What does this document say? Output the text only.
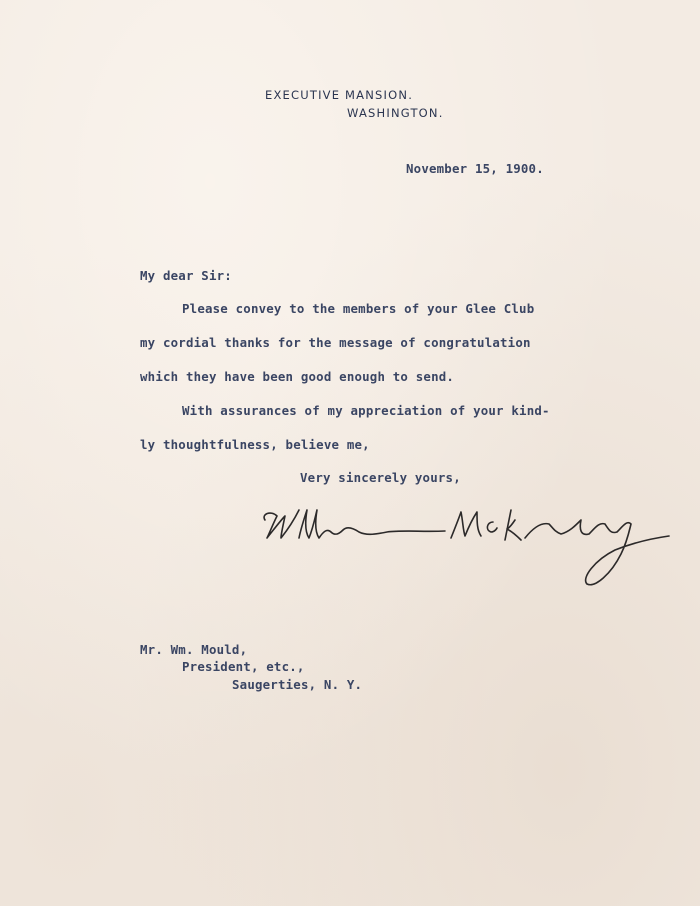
EXECUTIVE MANSION.
WASHINGTON.
November 15, 1900.
My dear Sir:
Please convey to the members of your Glee Club
my cordial thanks for the message of congratulation
which they have been good enough to send.
With assurances of my appreciation of your kind-
ly thoughtfulness, believe me,
Very sincerely yours,
Mr. Wm. Mould,
President, etc.,
Saugerties, N. Y.
